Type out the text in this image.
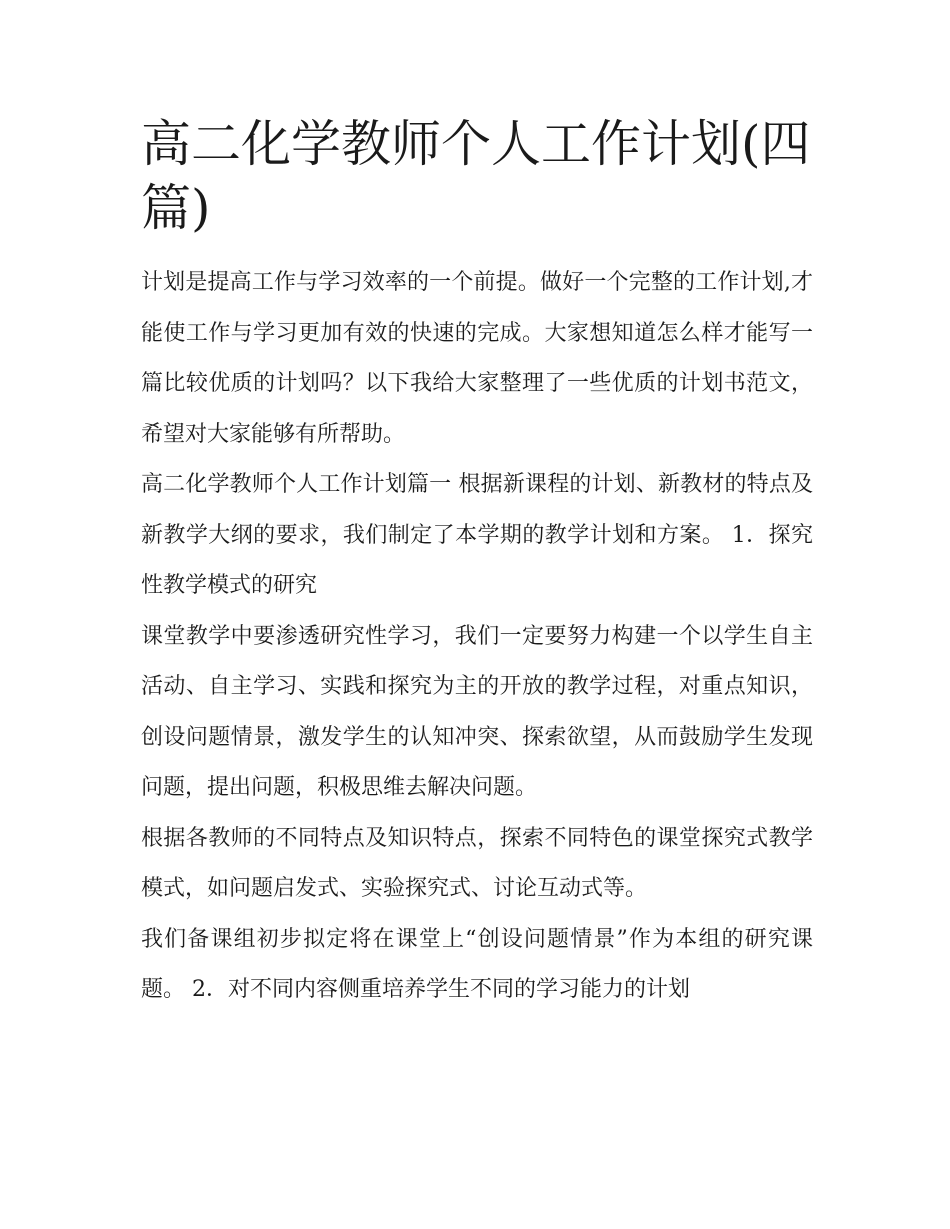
高二化学教师个人工作计划(四篇)

计划是提高工作与学习效率的一个前提。做好一个完整的工作计划,才能使工作与学习更加有效的快速的完成。大家想知道怎么样才能写一篇比较优质的计划吗？以下我给大家整理了一些优质的计划书范文，希望对大家能够有所帮助。

高二化学教师个人工作计划篇一 根据新课程的计划、新教材的特点及新教学大纲的要求，我们制定了本学期的教学计划和方案。 1．探究性教学模式的研究

课堂教学中要渗透研究性学习，我们一定要努力构建一个以学生自主活动、自主学习、实践和探究为主的开放的教学过程，对重点知识，创设问题情景，激发学生的认知冲突、探索欲望，从而鼓励学生发现问题，提出问题，积极思维去解决问题。

根据各教师的不同特点及知识特点，探索不同特色的课堂探究式教学模式，如问题启发式、实验探究式、讨论互动式等。

我们备课组初步拟定将在课堂上“创设问题情景”作为本组的研究课题。 2．对不同内容侧重培养学生不同的学习能力的计划
